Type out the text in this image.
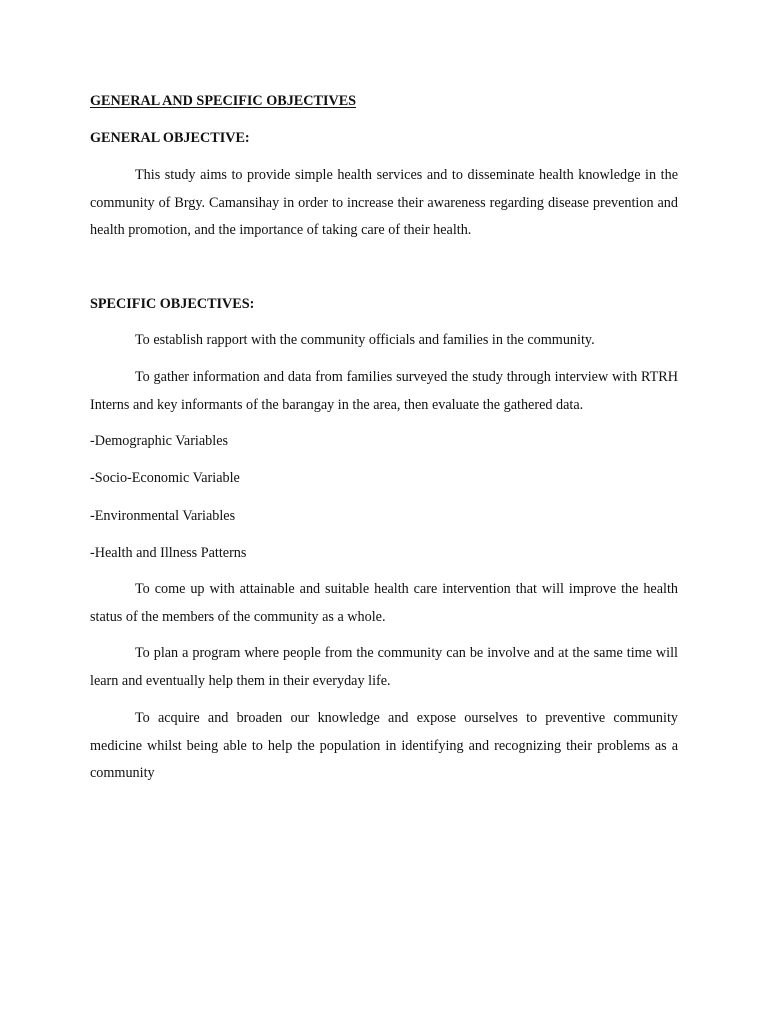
GENERAL AND SPECIFIC OBJECTIVES

GENERAL OBJECTIVE:

This study aims to provide simple health services and to disseminate health knowledge in the community of Brgy. Camansihay in order to increase their awareness regarding disease prevention and health promotion, and the importance of taking care of their health.

SPECIFIC OBJECTIVES:

To establish rapport with the community officials and families in the community.

To gather information and data from families surveyed the study through interview with RTRH Interns and key informants of the barangay in the area, then evaluate the gathered data.

-Demographic Variables

-Socio-Economic Variable

-Environmental Variables

-Health and Illness Patterns

To come up with attainable and suitable health care intervention that will improve the health status of the members of the community as a whole.

To plan a program where people from the community can be involve and at the same time will learn and eventually help them in their everyday life.

To acquire and broaden our knowledge and expose ourselves to preventive community medicine whilst being able to help the population in identifying and recognizing their problems as a community
